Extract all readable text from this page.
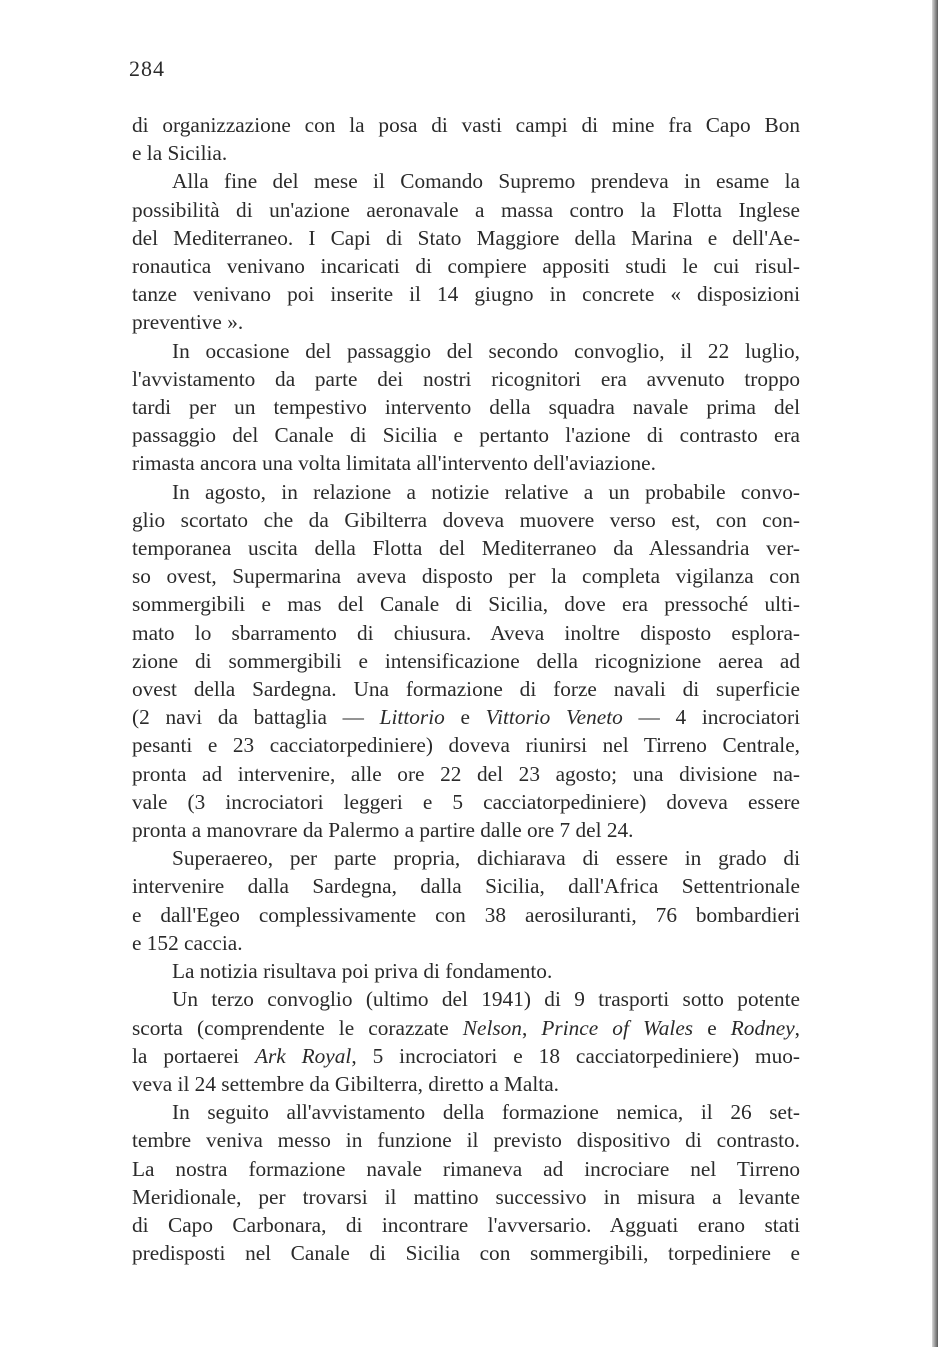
284
di organizzazione con la posa di vasti campi di mine fra Capo Bon
e la Sicilia.
Alla fine del mese il Comando Supremo prendeva in esame la
possibilità di un'azione aeronavale a massa contro la Flotta Inglese
del Mediterraneo. I Capi di Stato Maggiore della Marina e dell'Ae-
ronautica venivano incaricati di compiere appositi studi le cui risul-
tanze venivano poi inserite il 14 giugno in concrete « disposizioni
preventive ».
In occasione del passaggio del secondo convoglio, il 22 luglio,
l'avvistamento da parte dei nostri ricognitori era avvenuto troppo
tardi per un tempestivo intervento della squadra navale prima del
passaggio del Canale di Sicilia e pertanto l'azione di contrasto era
rimasta ancora una volta limitata all'intervento dell'aviazione.
In agosto, in relazione a notizie relative a un probabile convo-
glio scortato che da Gibilterra doveva muovere verso est, con con-
temporanea uscita della Flotta del Mediterraneo da Alessandria ver-
so ovest, Supermarina aveva disposto per la completa vigilanza con
sommergibili e mas del Canale di Sicilia, dove era pressoché ulti-
mato lo sbarramento di chiusura. Aveva inoltre disposto esplora-
zione di sommergibili e intensificazione della ricognizione aerea ad
ovest della Sardegna. Una formazione di forze navali di superficie
(2 navi da battaglia — Littorio e Vittorio Veneto — 4 incrociatori
pesanti e 23 cacciatorpediniere) doveva riunirsi nel Tirreno Centrale,
pronta ad intervenire, alle ore 22 del 23 agosto; una divisione na-
vale (3 incrociatori leggeri e 5 cacciatorpediniere) doveva essere
pronta a manovrare da Palermo a partire dalle ore 7 del 24.
Superaereo, per parte propria, dichiarava di essere in grado di
intervenire dalla Sardegna, dalla Sicilia, dall'Africa Settentrionale
e dall'Egeo complessivamente con 38 aerosiluranti, 76 bombardieri
e 152 caccia.
La notizia risultava poi priva di fondamento.
Un terzo convoglio (ultimo del 1941) di 9 trasporti sotto potente
scorta (comprendente le corazzate Nelson, Prince of Wales e Rodney,
la portaerei Ark Royal, 5 incrociatori e 18 cacciatorpediniere) muo-
veva il 24 settembre da Gibilterra, diretto a Malta.
In seguito all'avvistamento della formazione nemica, il 26 set-
tembre veniva messo in funzione il previsto dispositivo di contrasto.
La nostra formazione navale rimaneva ad incrociare nel Tirreno
Meridionale, per trovarsi il mattino successivo in misura a levante
di Capo Carbonara, di incontrare l'avversario. Agguati erano stati
predisposti nel Canale di Sicilia con sommergibili, torpediniere e
